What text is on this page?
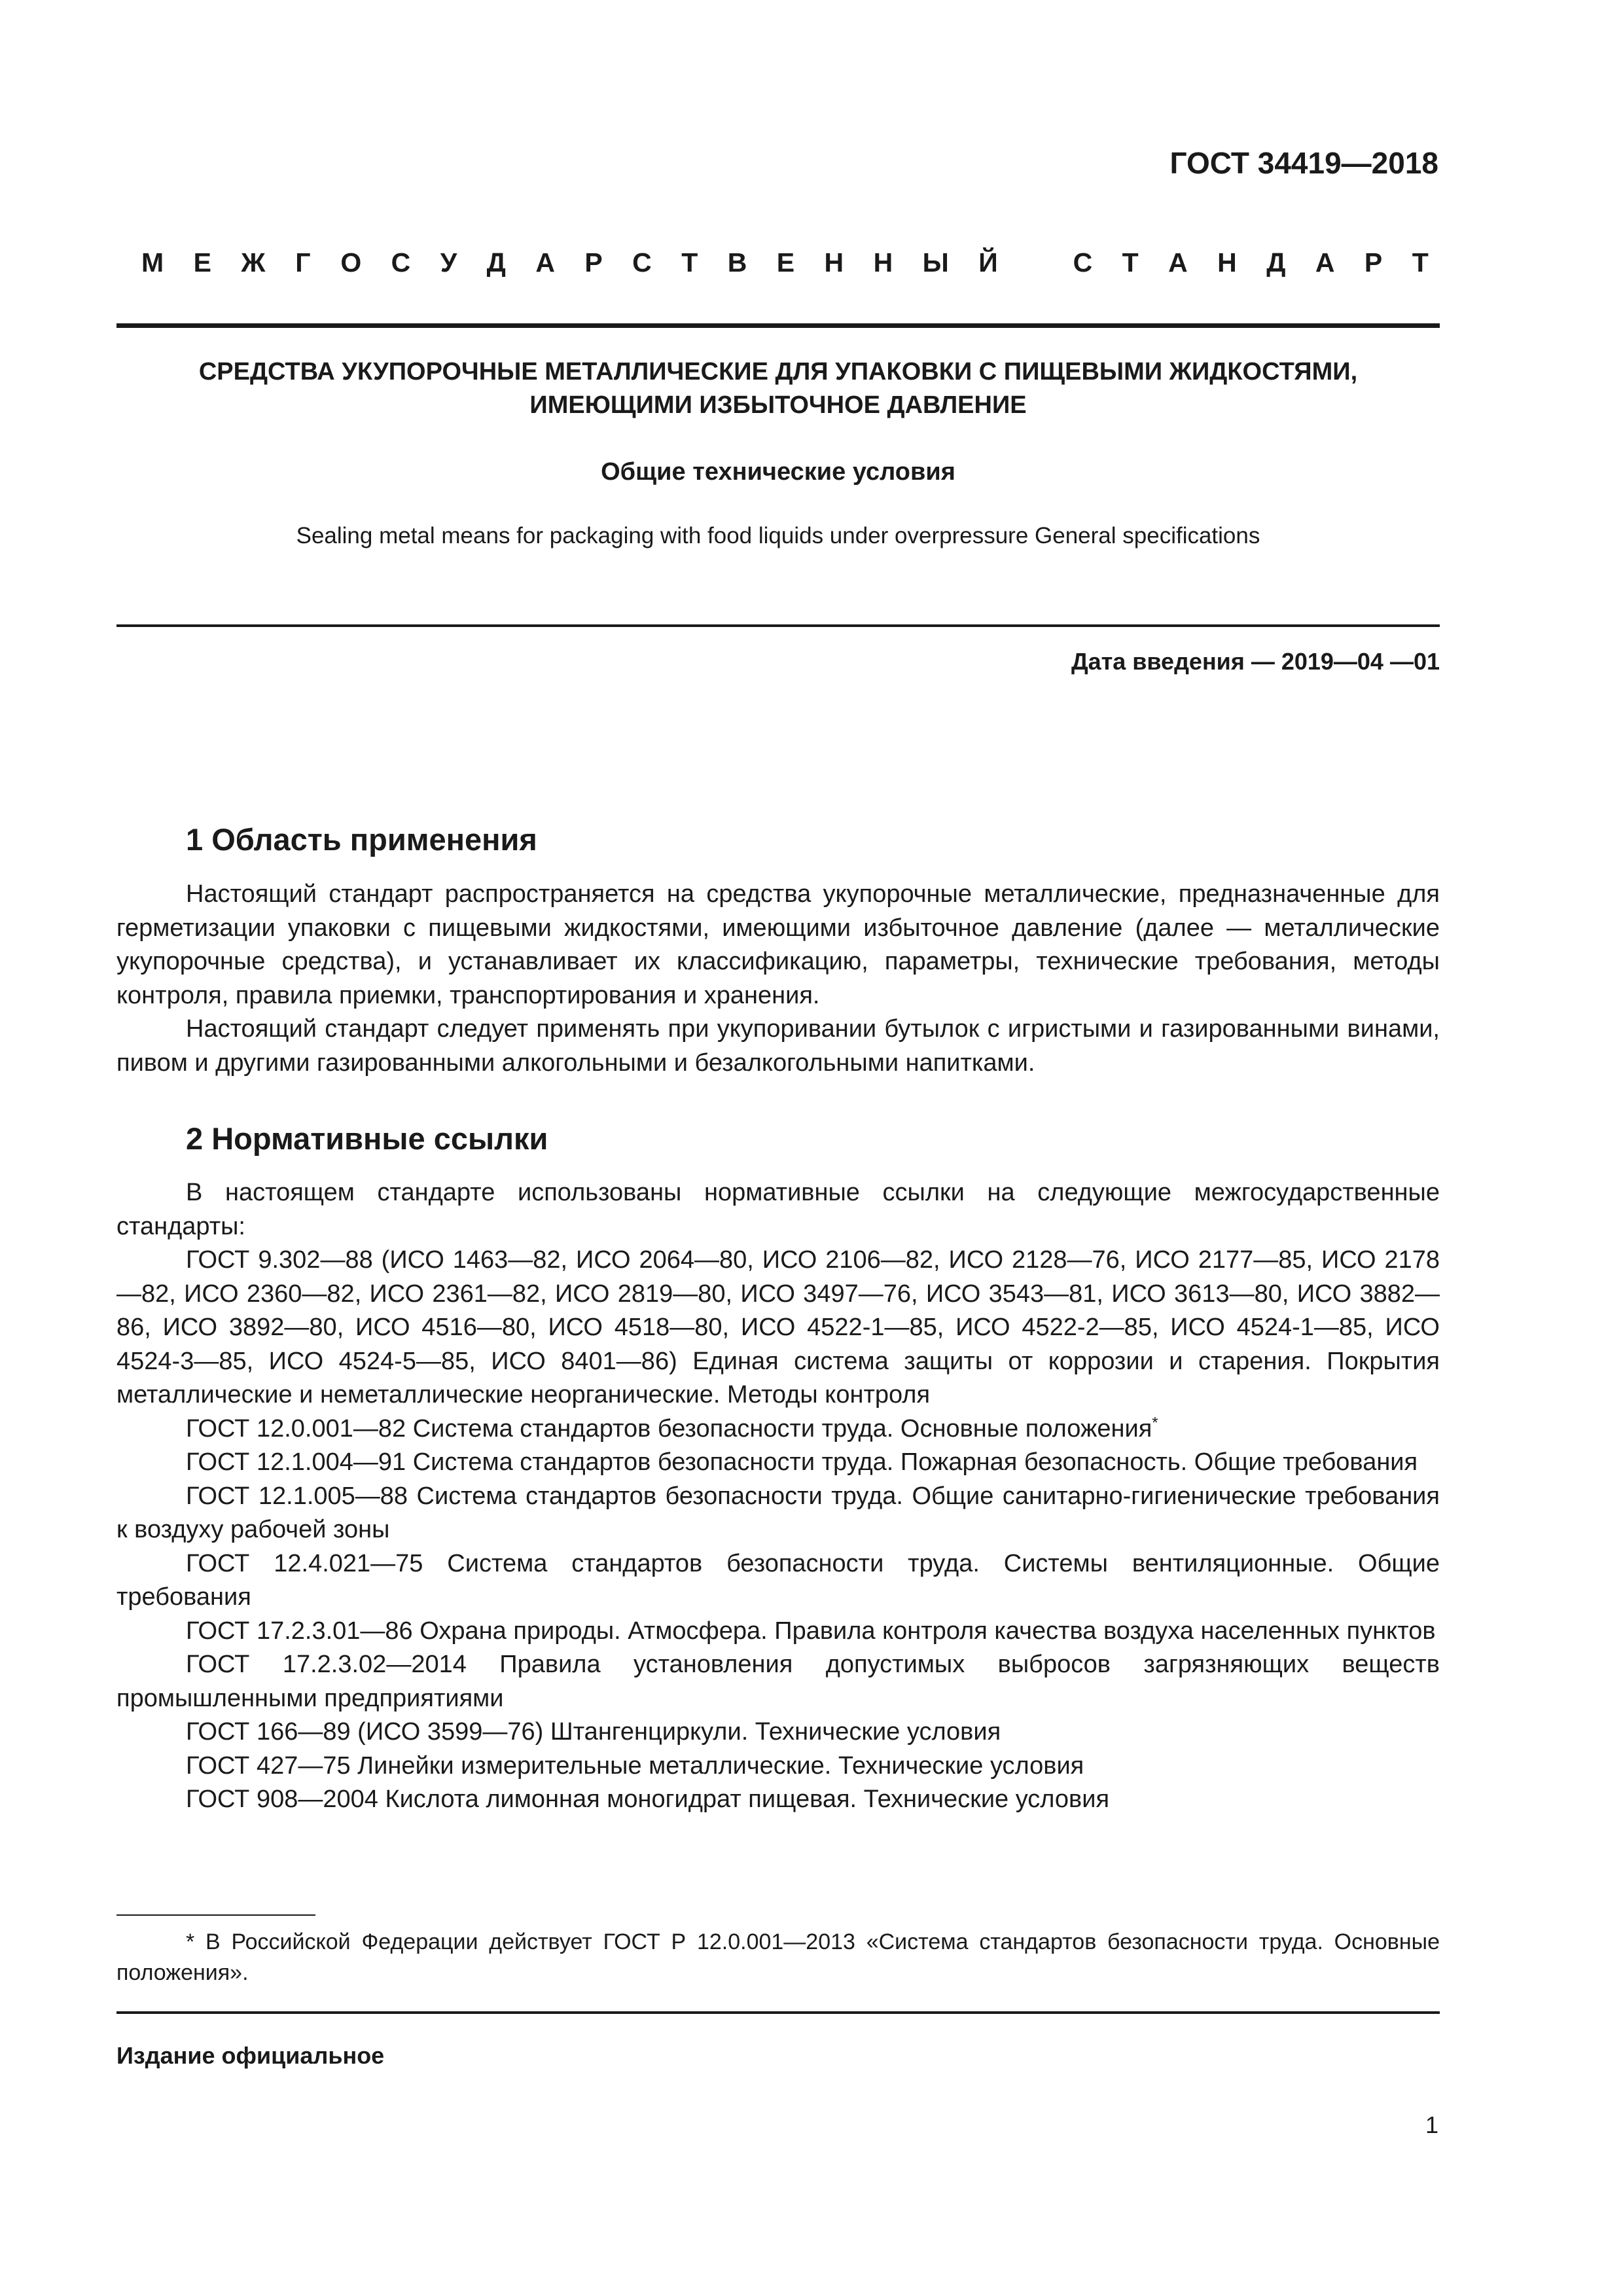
ГОСТ 34419—2018
М Е Ж Г О С У Д А Р С Т В Е Н Н Ы Й	С Т А Н Д А Р Т
СРЕДСТВА УКУПОРОЧНЫЕ МЕТАЛЛИЧЕСКИЕ ДЛЯ УПАКОВКИ С ПИЩЕВЫМИ ЖИДКОСТЯМИ,
ИМЕЮЩИМИ ИЗБЫТОЧНОЕ ДАВЛЕНИЕ
Общие технические условия
Sealing metal means for packaging with food liquids under overpressure General specifications
Дата введения — 2019—04 —01
1 Область применения

Настоящий стандарт распространяется на средства укупорочные металлические, предназначенные для герметизации упаковки с пищевыми жидкостями, имеющими избыточное давление (далее — металлические укупорочные средства), и устанавливает их классификацию, параметры, технические требования, методы контроля, правила приемки, транспортирования и хранения.

Настоящий стандарт следует применять при укупоривании бутылок с игристыми и газированными винами, пивом и другими газированными алкогольными и безалкогольными напитками.

2 Нормативные ссылки

В настоящем стандарте использованы нормативные ссылки на следующие межгосударственные стандарты:

ГОСТ 9.302—88 (ИСО 1463—82, ИСО 2064—80, ИСО 2106—82, ИСО 2128—76, ИСО 2177—85, ИСО 2178—82, ИСО 2360—82, ИСО 2361—82, ИСО 2819—80, ИСО 3497—76, ИСО 3543—81, ИСО 3613—80, ИСО 3882—86, ИСО 3892—80, ИСО 4516—80, ИСО 4518—80, ИСО 4522-1—85, ИСО 4522-2—85, ИСО 4524-1—85, ИСО 4524-3—85, ИСО 4524-5—85, ИСО 8401—86) Единая система защиты от коррозии и старения. Покрытия металлические и неметаллические неорганические. Методы контроля

ГОСТ 12.0.001—82 Система стандартов безопасности труда. Основные положения*

ГОСТ 12.1.004—91 Система стандартов безопасности труда. Пожарная безопасность. Общие требования

ГОСТ 12.1.005—88 Система стандартов безопасности труда. Общие санитарно-гигиенические требования к воздуху рабочей зоны

ГОСТ 12.4.021—75 Система стандартов безопасности труда. Системы вентиляционные. Общие требования

ГОСТ 17.2.3.01—86 Охрана природы. Атмосфера. Правила контроля качества воздуха населенных пунктов

ГОСТ 17.2.3.02—2014 Правила установления допустимых выбросов загрязняющих веществ промышленными предприятиями

ГОСТ 166—89 (ИСО 3599—76) Штангенциркули. Технические условия

ГОСТ 427—75 Линейки измерительные металлические. Технические условия

ГОСТ 908—2004 Кислота лимонная моногидрат пищевая. Технические условия

* В Российской Федерации действует ГОСТ Р 12.0.001—2013 «Система стандартов безопасности труда. Основные положения».
Издание официальное
1
